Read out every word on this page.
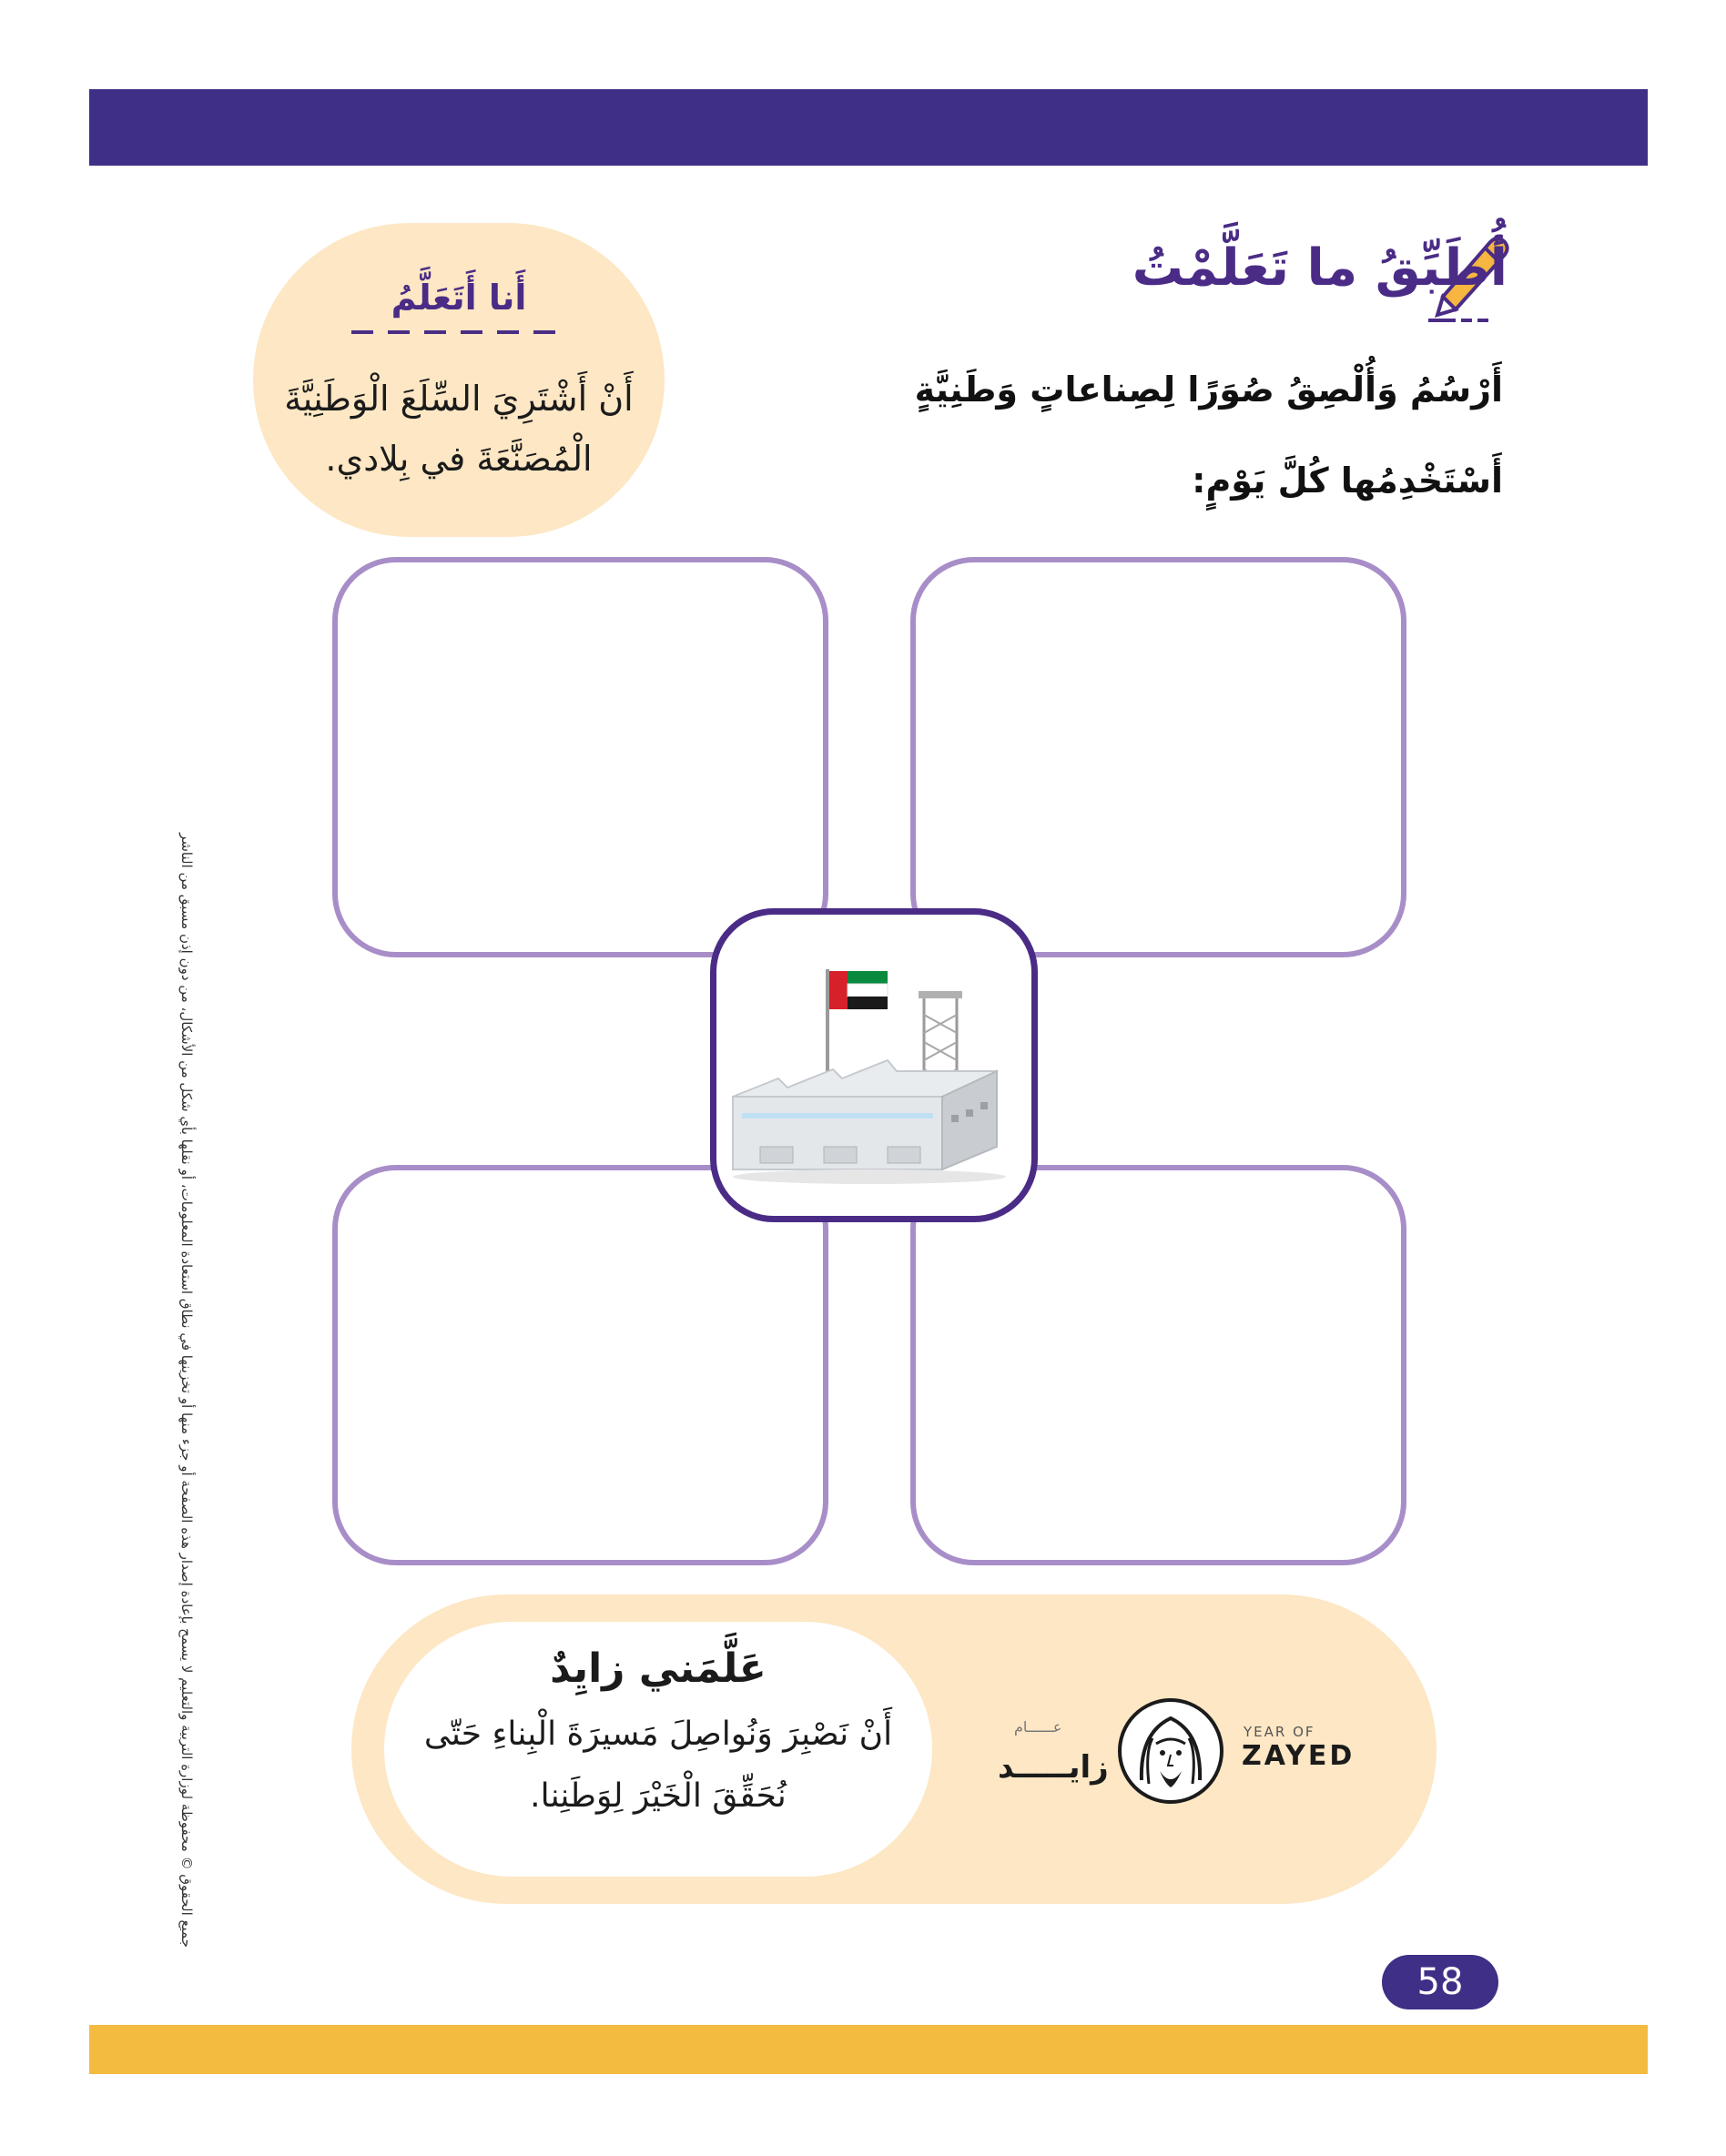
أُطَبِّقُ ما تَعَلَّمْتُ
أَرْسُمُ وَأُلْصِقُ صُوَرًا لِصِناعاتٍ وَطَنِيَّةٍ أَسْتَخْدِمُها كُلَّ يَوْمٍ:
أَنا أَتَعَلَّمُ
أَنْ أَشْتَرِيَ السِّلَعَ الْوَطَنِيَّةَ الْمُصَنَّعَةَ في بِلادي.
جميع الحقوق © محفوظة لوزارة التربية والتعليم لا يسمح بإعادة إصدار هذه الصفحة أو جزء منها أو تخزينها في نطاق استعادة المعلومات، أو نقلها بأي شكل من الأشكال، من دون إذن مسبق من الناشر	عَلَّمَني زايِدٌ
أَنْ نَصْبِرَ وَنُواصِلَ مَسيرَةَ الْبِناءِ حَتّى نُحَقِّقَ الْخَيْرَ لِوَطَنِنا.
عــــــام
زايـــــد
YEAR OF
ZAYED
58
